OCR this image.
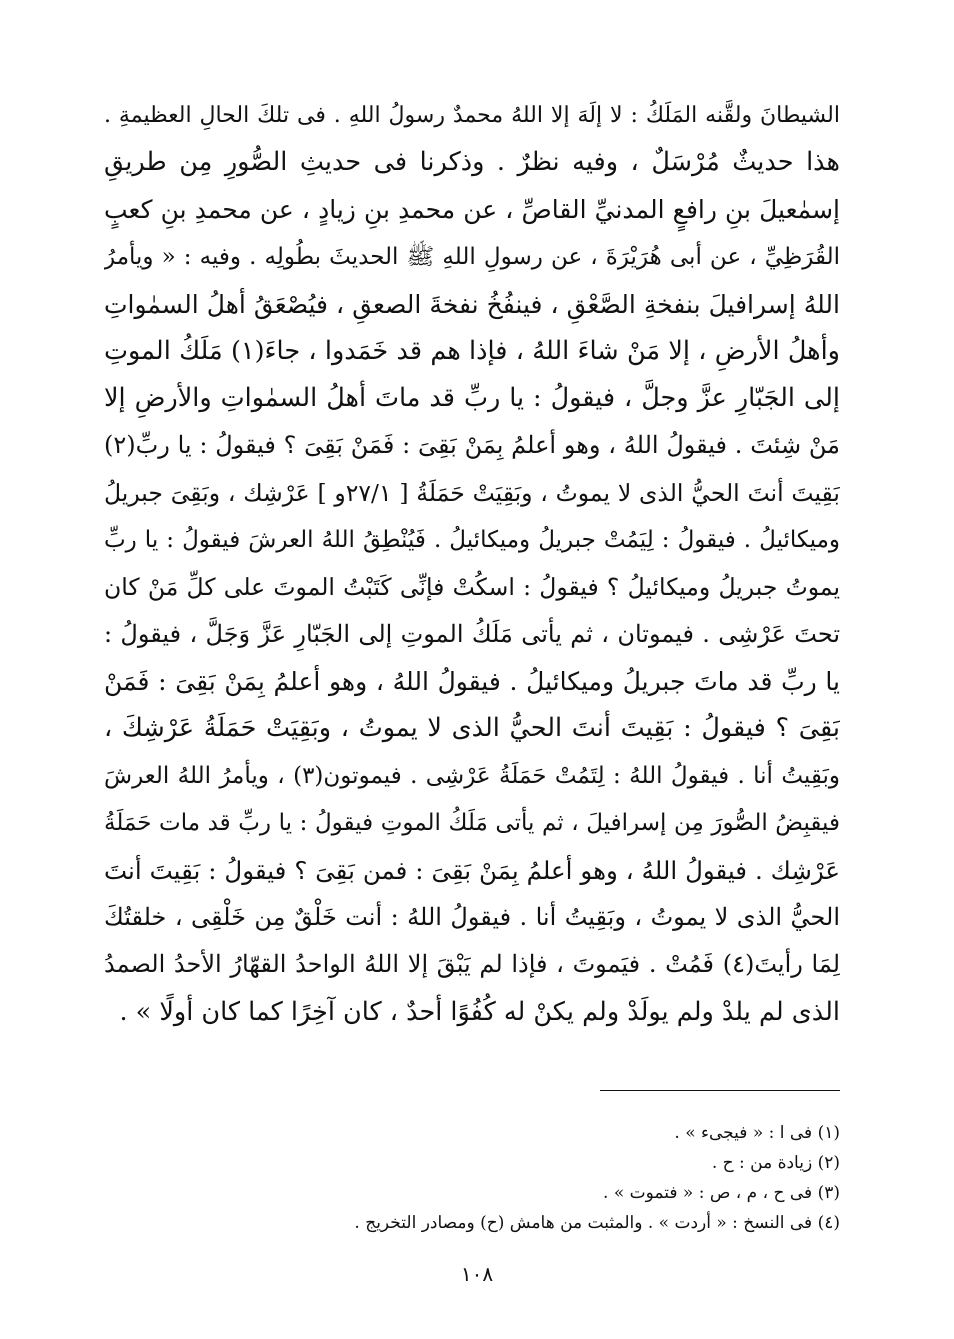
الشيطانَ ولقَّنه المَلَكُ : لا إلَهَ إلا اللهُ محمدٌ رسولُ اللهِ . فى تلكَ الحالِ العظيمةِ .
هذا حديثٌ مُرْسَلٌ ، وفيه نظرٌ . وذكرنا فى حديثِ الصُّورِ مِن طريقِ
إسمٰعيلَ بنِ رافعٍ المدنيِّ القاصِّ ، عن محمدِ بنِ زيادٍ ، عن محمدِ بنِ كعبٍ
القُرَظِيِّ ، عن أبى هُرَيْرَةَ ، عن رسولِ اللهِ ﷺ الحديثَ بطُولِه . وفيه : « ويأمرُ
اللهُ إسرافيلَ بنفخةِ الصَّعْقِ ، فينفُخُ نفخةَ الصعقِ ، فيُصْعَقُ أهلُ السمٰواتِ
وأهلُ الأرضِ ، إلا مَنْ شاءَ اللهُ ، فإذا هم قد خَمَدوا ، جاءَ(١) مَلَكُ الموتِ
إلى الجَبّارِ عزَّ وجلَّ ، فيقولُ : يا ربِّ قد ماتَ أهلُ السمٰواتِ والأرضِ إلا
مَنْ شِئتَ . فيقولُ اللهُ ، وهو أعلمُ بِمَنْ بَقِىَ : فَمَنْ بَقِىَ ؟ فيقولُ : يا ربِّ(٢)
بَقِيتَ أنتَ الحيُّ الذى لا يموتُ ، وبَقِيَتْ حَمَلَةُ [ ٢٧/١و ] عَرْشِك ، وبَقِىَ جبريلُ
وميكائيلُ . فيقولُ : لِيَمُتْ جبريلُ وميكائيلُ . فَيُنْطِقُ اللهُ العرشَ فيقولُ : يا ربِّ
يموتُ جبريلُ وميكائيلُ ؟ فيقولُ : اسكُتْ فإنِّى كَتَبْتُ الموتَ على كلِّ مَنْ كان
تحتَ عَرْشِى . فيموتان ، ثم يأتى مَلَكُ الموتِ إلى الجَبّارِ عَزَّ وَجَلَّ ، فيقولُ :
يا ربِّ قد ماتَ جبريلُ وميكائيلُ . فيقولُ اللهُ ، وهو أعلمُ بِمَنْ بَقِىَ : فَمَنْ
بَقِىَ ؟ فيقولُ : بَقِيتَ أنتَ الحيُّ الذى لا يموتُ ، وبَقِيَتْ حَمَلَةُ عَرْشِكَ ،
وبَقِيتُ أنا . فيقولُ اللهُ : لِتَمُتْ حَمَلَةُ عَرْشِى . فيموتون(٣) ، ويأمرُ اللهُ العرشَ
فيقبِضُ الصُّورَ مِن إسرافيلَ ، ثم يأتى مَلَكُ الموتِ فيقولُ : يا ربِّ قد مات حَمَلَةُ
عَرْشِك . فيقولُ اللهُ ، وهو أعلمُ بِمَنْ بَقِىَ : فمن بَقِىَ ؟ فيقولُ : بَقِيتَ أنتَ
الحيُّ الذى لا يموتُ ، وبَقِيتُ أنا . فيقولُ اللهُ : أنت خَلْقٌ مِن خَلْقِى ، خلقتُكَ
لِمَا رأيتَ(٤) فَمُتْ . فيَموتَ ، فإذا لم يَبْقَ إلا اللهُ الواحدُ القهّارُ الأحدُ الصمدُ
الذى لم يلدْ ولم يولَدْ ولم يكنْ له كُفُوًا أحدٌ ، كان آخِرًا كما كان أولًا » .
(١) فى ا : « فيجىء » .
(٢) زيادة من : ح .
(٣) فى ح ، م ، ص : « فتموت » .
(٤) فى النسخ : « أردت » . والمثبت من هامش (ح) ومصادر التخريج .
١٠٨
